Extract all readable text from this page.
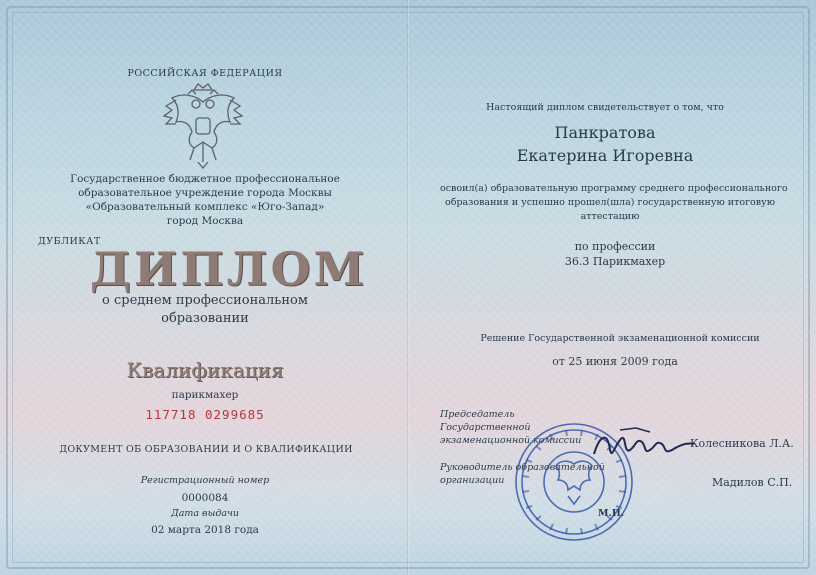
РОССИЙСКАЯ ФЕДЕРАЦИЯ
Государственное бюджетное профессиональное
образовательное учреждение города Москвы
«Образовательный комплекс «Юго-Запад»
город Москва
ДУБЛИКАТ
ДИПЛОМ
о среднем профессиональном
образовании
Квалификация
парикмахер
117718 0299685
ДОКУМЕНТ ОБ ОБРАЗОВАНИИ И О КВАЛИФИКАЦИИ
Регистрационный номер
0000084
Дата выдачи
02 марта 2018 года
Настоящий диплом свидетельствует о том, что
Панкратова
Екатерина Игоревна
освоил(а) образовательную программу среднего профессионального
образования и успешно прошел(шла) государственную итоговую
аттестацию
по профессии
36.3 Парикмахер
Решение Государственной экзаменационной комиссии
от 25 июня 2009 года
Председатель
Государственной
экзаменационной комиссии	Колесникова Л.А.
Руководитель образовательной
организации	Мадилов С.П.
М.П.
